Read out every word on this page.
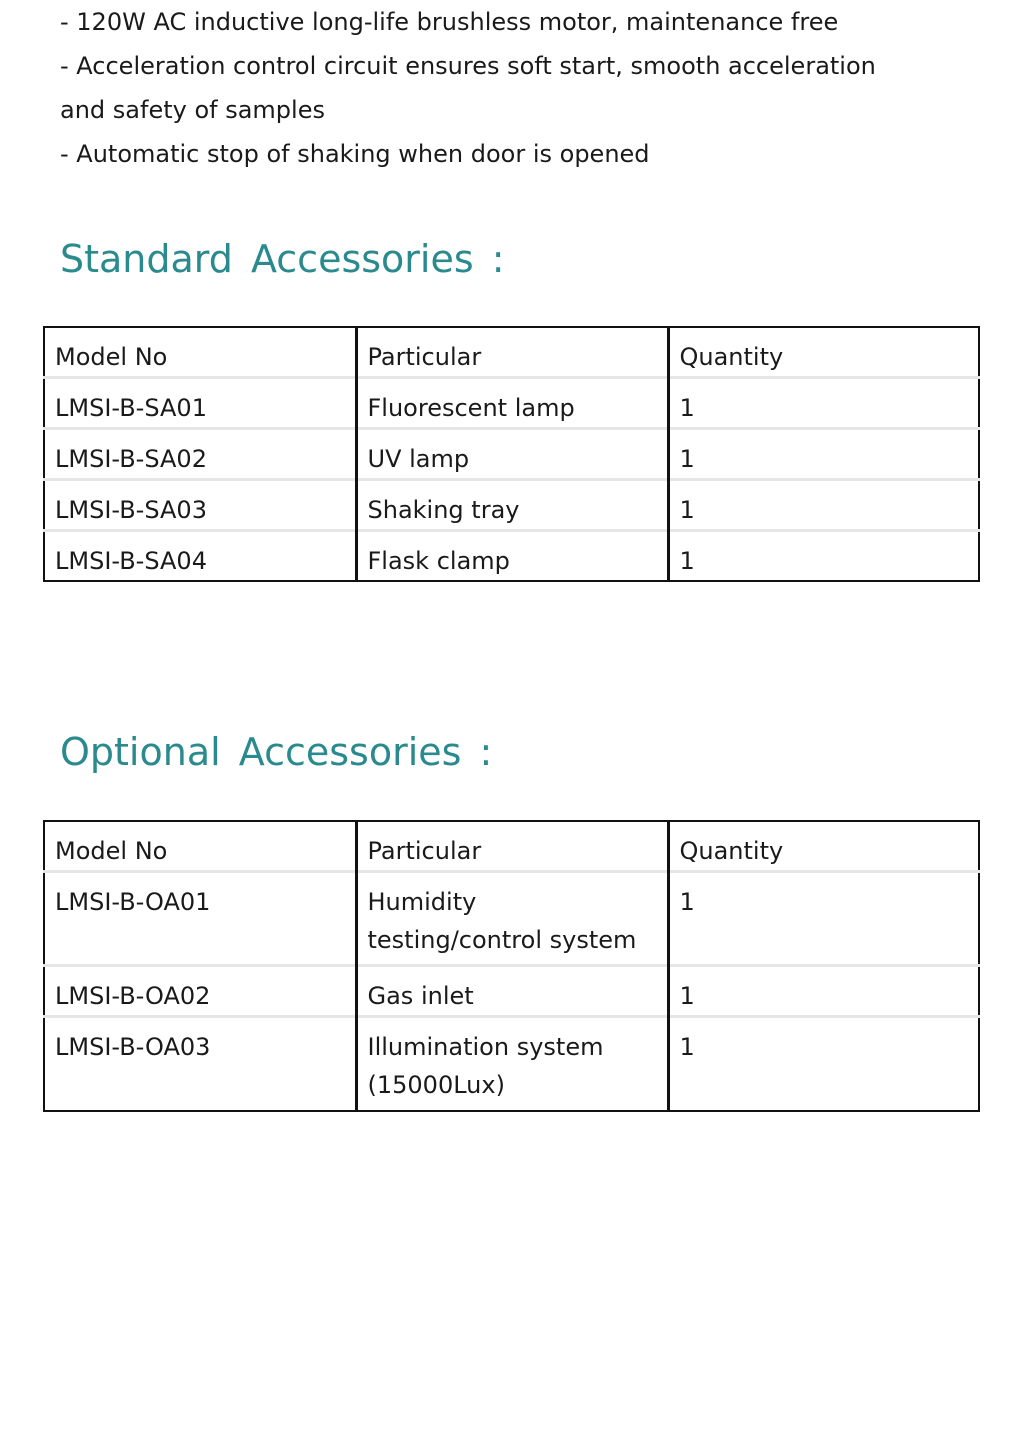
- 120W AC inductive long-life brushless motor, maintenance free
- Acceleration control circuit ensures soft start, smooth acceleration
and safety of samples
- Automatic stop of shaking when door is opened
Standard Accessories :
Model No	Particular	Quantity
LMSI-B-SA01	Fluorescent lamp	1
LMSI-B-SA02	UV lamp	1
LMSI-B-SA03	Shaking tray	1
LMSI-B-SA04	Flask clamp	1
Optional Accessories :
Model No	Particular	Quantity
LMSI-B-OA01	Humidity testing/control system	1
LMSI-B-OA02	Gas inlet	1
LMSI-B-OA03	Illumination system (15000Lux)	1
